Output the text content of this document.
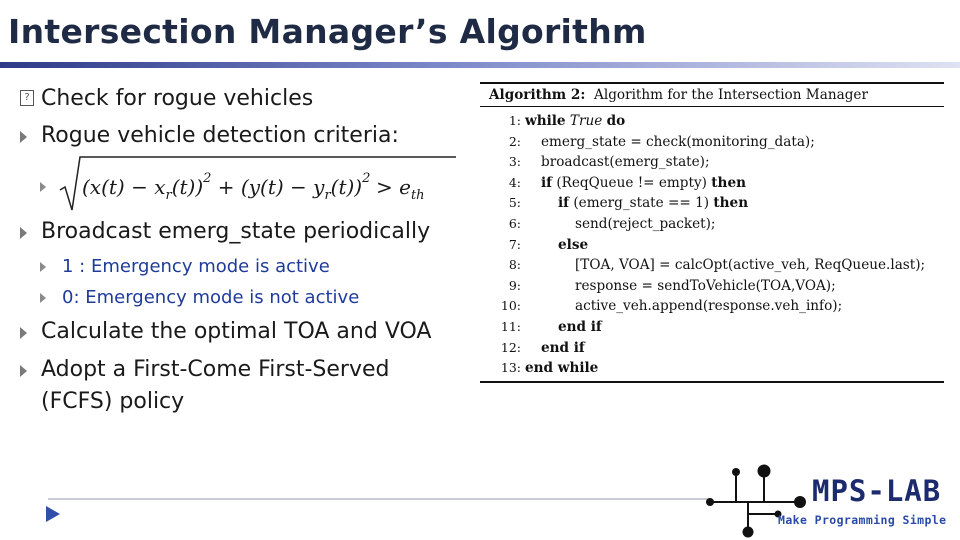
Intersection Manager’s Algorithm
? Check for rogue vehicles
Rogue vehicle detection criteria:
Broadcast emerg_state periodically
1 : Emergency mode is active
0: Emergency mode is not active
Calculate the optimal TOA and VOA
Adopt a First-Come First-Served
(FCFS) policy
$(x(t) - x_r(t))^2 + (y(t) - y_r(t))^2 > e_{th}$
Algorithm 2: Algorithm for the Intersection Manager
1: while True do
2: emerg_state = check(monitoring_data);
3: broadcast(emerg_state);
4: if (ReqQueue != empty) then
5:	if (emerg_state == 1) then
6:	send(reject_packet);
7:	else
8:	[TOA, VOA] = calcOpt(active_veh, ReqQueue.last);
9:	response = sendToVehicle(TOA,VOA);
10:	active_veh.append(response.veh_info);
11:	end if
12: end if
13: end while
MPS-LAB
Make Programming Simple
